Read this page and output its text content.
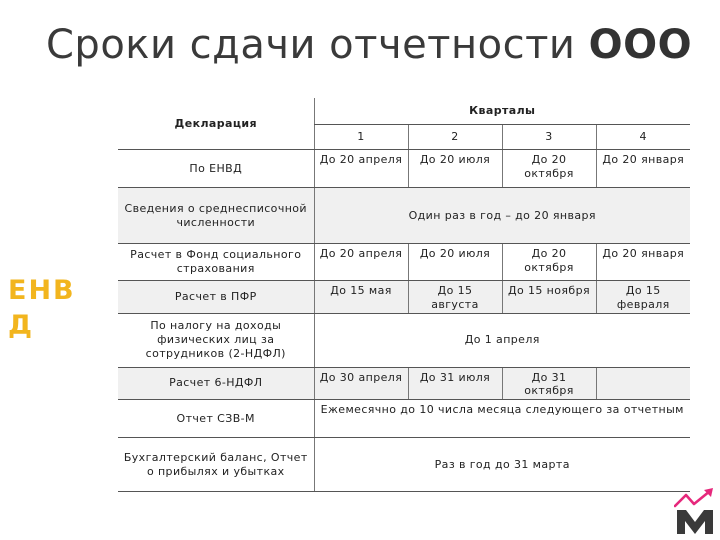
Сроки сдачи отчетности ООО
ЕНВД
Декларация	Кварталы			
	1	2	3	4
По ЕНВД	До 20 апреля	До 20 июля	До 20 октября	До 20 января
Сведения о среднесписочной численности	Один раз в год – до 20 января			
Расчет в Фонд социального страхования	До 20 апреля	До 20 июля	До 20 октября	До 20 января
Расчет в ПФР	До 15 мая	До 15 августа	До 15 ноября	До 15 февраля
По налогу на доходы физических лиц за сотрудников (2-НДФЛ)	До 1 апреля			
Расчет 6-НДФЛ	До 30 апреля	До 31 июля	До 31 октября	
Отчет СЗВ-М	Ежемесячно до 10 числа месяца следующего за отчетным			
Бухгалтерский баланс, Отчет о прибылях и убытках	Раз в год до 31 марта			
